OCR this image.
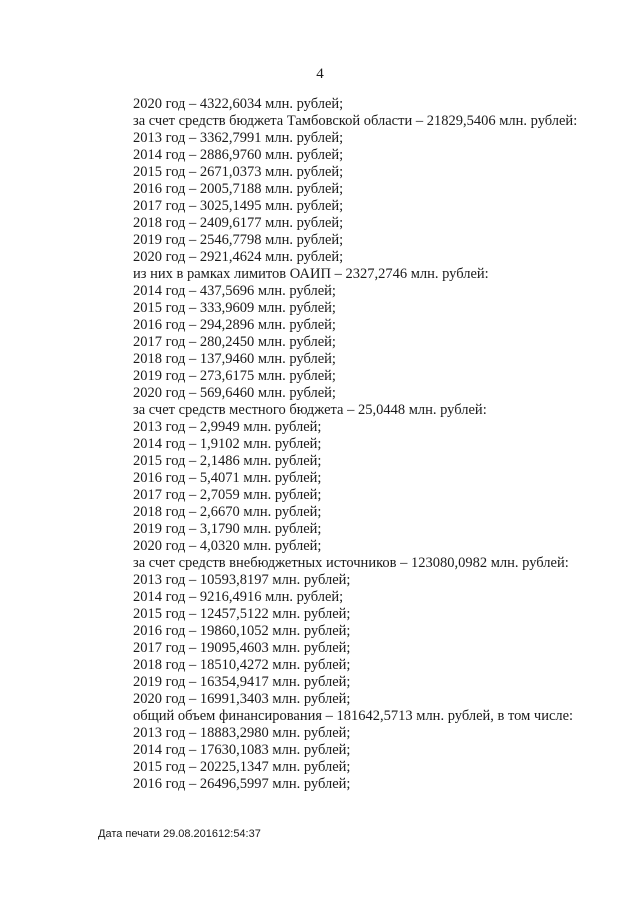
4
2020 год – 4322,6034 млн. рублей;
за счет средств бюджета Тамбовской области – 21829,5406 млн. рублей:
2013 год – 3362,7991 млн. рублей;
2014 год – 2886,9760 млн. рублей;
2015 год – 2671,0373 млн. рублей;
2016 год – 2005,7188 млн. рублей;
2017 год – 3025,1495 млн. рублей;
2018 год – 2409,6177 млн. рублей;
2019 год – 2546,7798 млн. рублей;
2020 год – 2921,4624 млн. рублей;
из них в рамках лимитов ОАИП – 2327,2746 млн. рублей:
2014 год – 437,5696 млн. рублей;
2015 год – 333,9609 млн. рублей;
2016 год – 294,2896 млн. рублей;
2017 год – 280,2450 млн. рублей;
2018 год – 137,9460 млн. рублей;
2019 год – 273,6175 млн. рублей;
2020 год – 569,6460 млн. рублей;
за счет средств местного бюджета – 25,0448 млн. рублей:
2013 год – 2,9949 млн. рублей;
2014 год – 1,9102 млн. рублей;
2015 год – 2,1486 млн. рублей;
2016 год – 5,4071 млн. рублей;
2017 год – 2,7059 млн. рублей;
2018 год – 2,6670 млн. рублей;
2019 год – 3,1790 млн. рублей;
2020 год – 4,0320 млн. рублей;
за счет средств внебюджетных источников – 123080,0982 млн. рублей:
2013 год – 10593,8197 млн. рублей;
2014 год – 9216,4916 млн. рублей;
2015 год – 12457,5122 млн. рублей;
2016 год – 19860,1052 млн. рублей;
2017 год – 19095,4603 млн. рублей;
2018 год – 18510,4272 млн. рублей;
2019 год – 16354,9417 млн. рублей;
2020 год – 16991,3403 млн. рублей;
общий объем финансирования – 181642,5713 млн. рублей, в том числе:
2013 год – 18883,2980 млн. рублей;
2014 год – 17630,1083 млн. рублей;
2015 год – 20225,1347 млн. рублей;
2016 год – 26496,5997 млн. рублей;
Дата печати 29.08.201612:54:37
